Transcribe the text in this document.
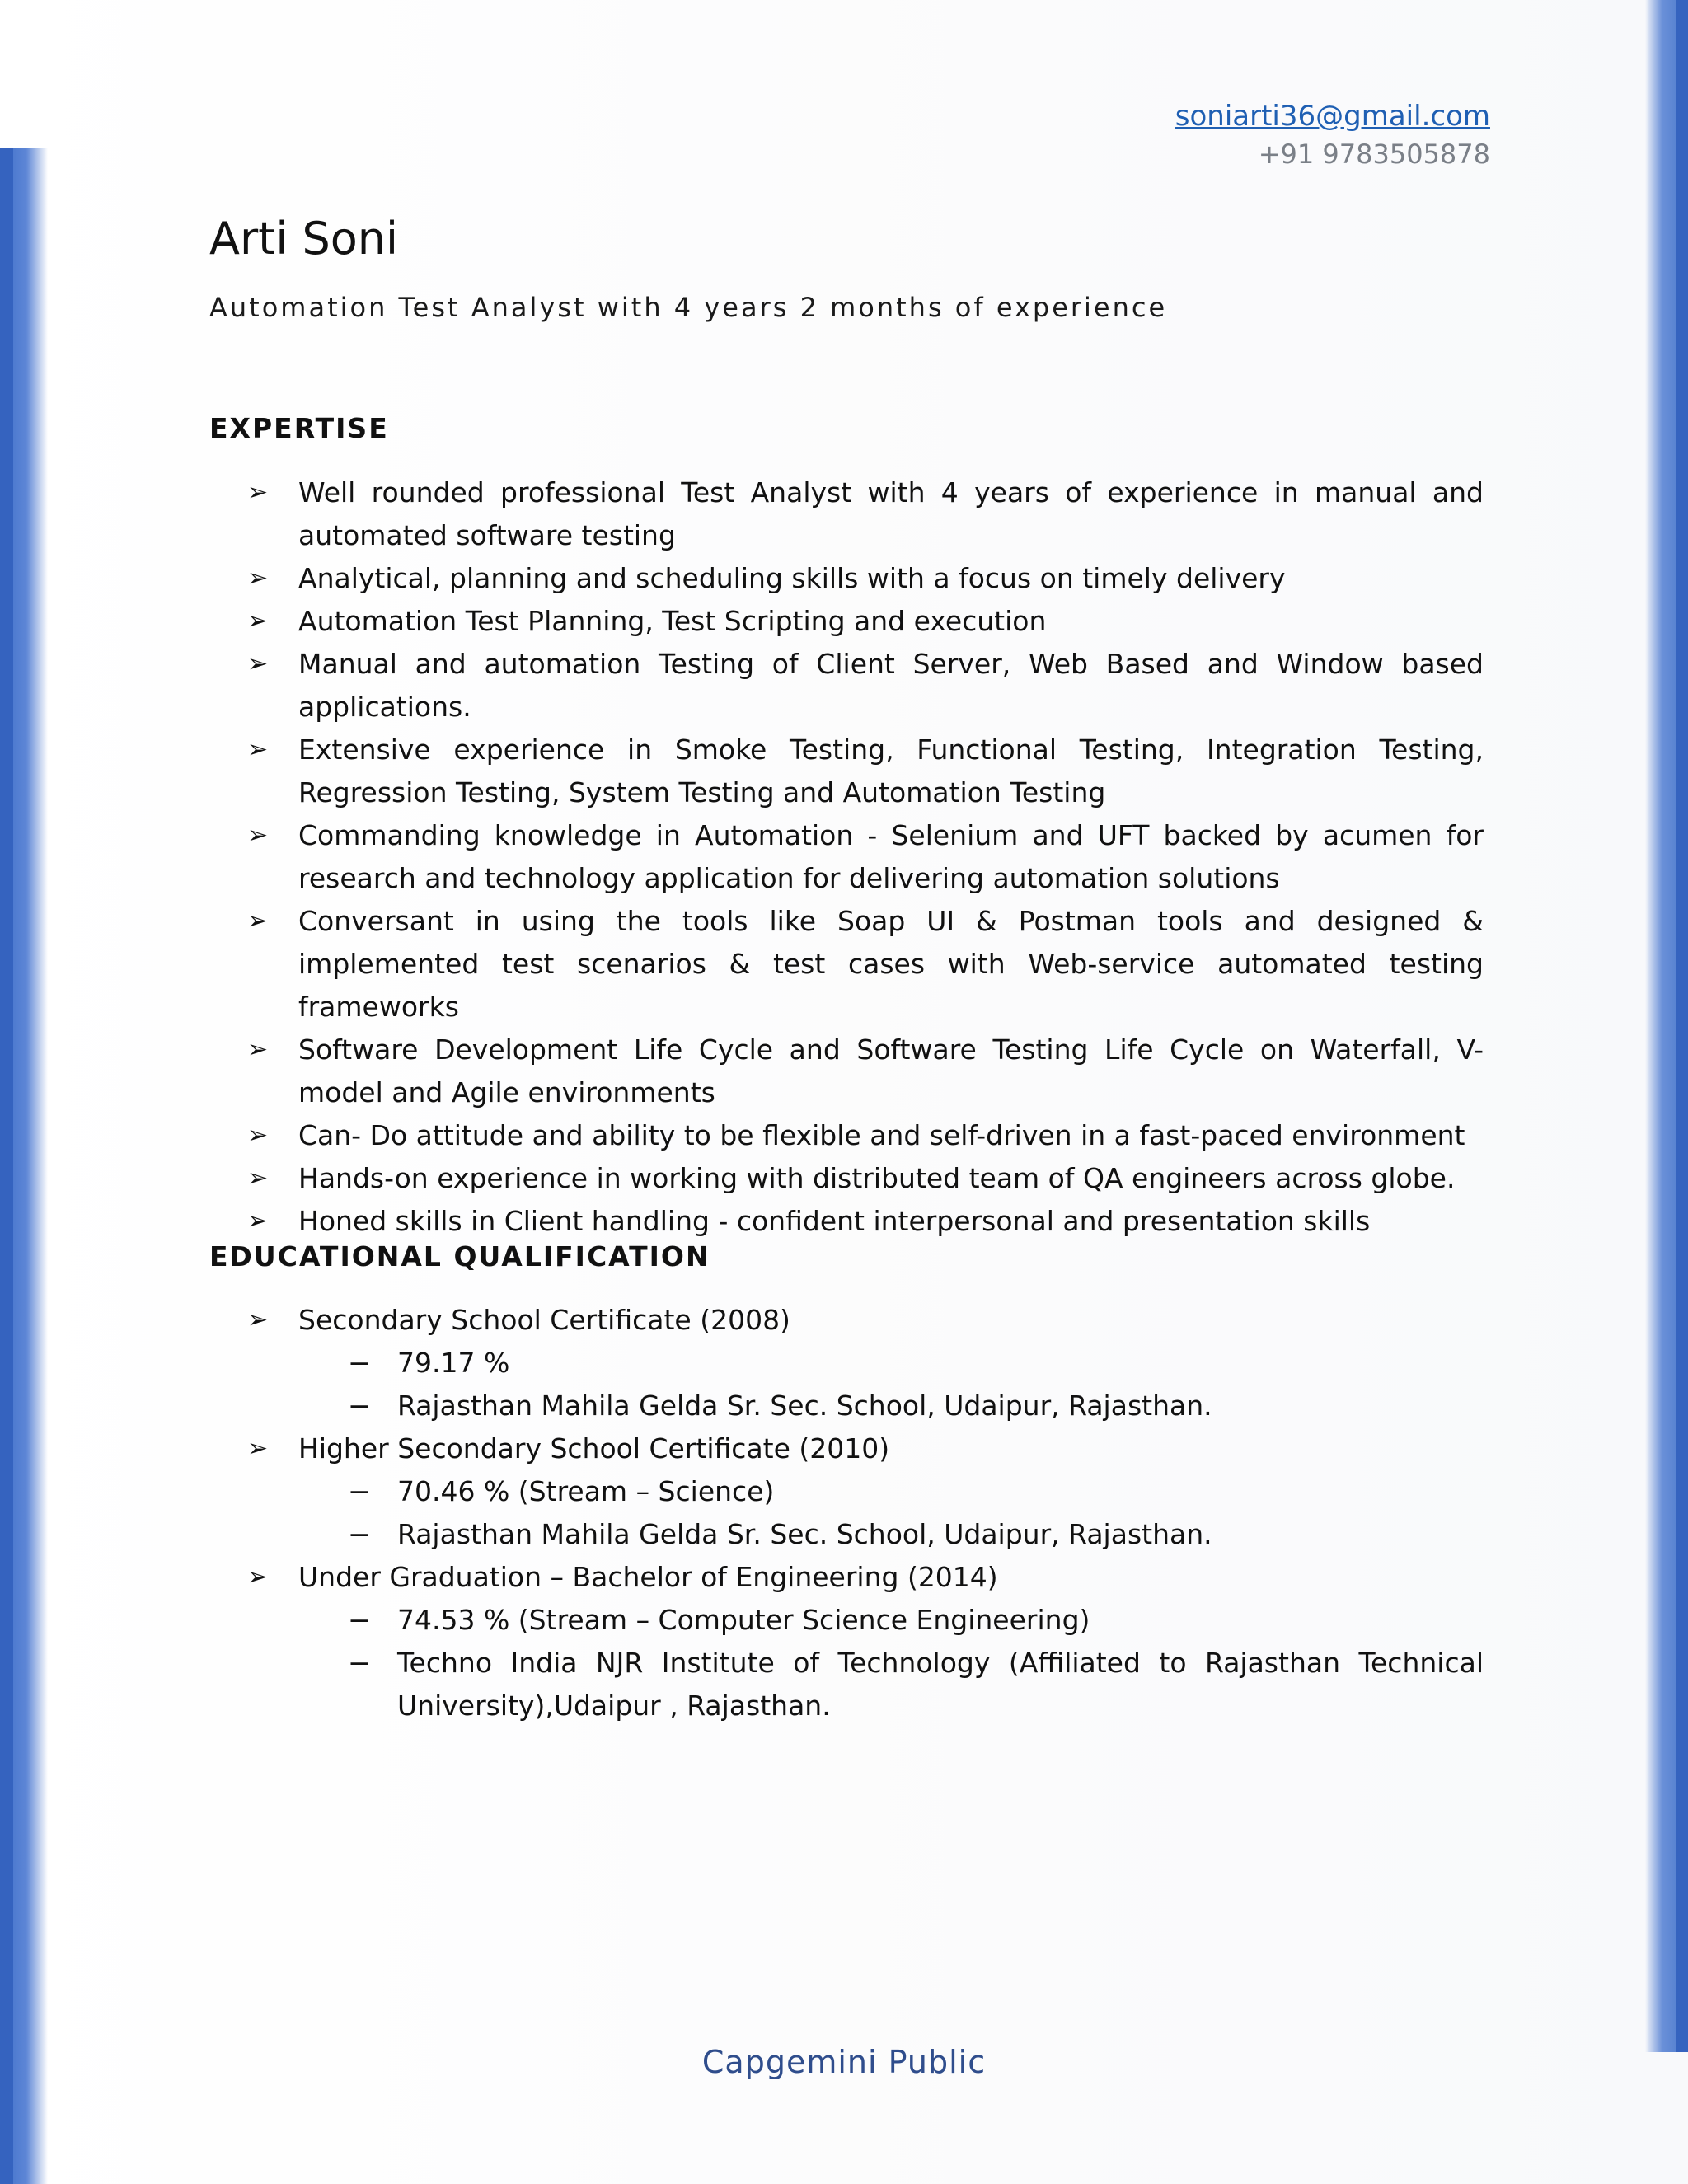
soniarti36@gmail.com
+91 9783505878
Arti Soni
Automation Test Analyst with 4 years 2 months of experience
EXPERTISE
➢	Well rounded professional Test Analyst with 4 years of experience in manual and automated software testing
➢	Analytical, planning and scheduling skills with a focus on timely delivery
➢	Automation Test Planning, Test Scripting and execution
➢	Manual and automation Testing of Client Server, Web Based and Window based applications.
➢	Extensive experience in Smoke Testing, Functional Testing, Integration Testing, Regression Testing, System Testing and Automation Testing
➢	Commanding knowledge in Automation - Selenium and UFT backed by acumen for research and technology application for delivering automation solutions
➢	Conversant in using the tools like Soap UI & Postman tools and designed & implemented test scenarios & test cases with Web-service automated testing frameworks
➢	Software Development Life Cycle and Software Testing Life Cycle on Waterfall, V- model and Agile environments
➢	Can- Do attitude and ability to be flexible and self-driven in a fast-paced environment
➢	Hands-on experience in working with distributed team of QA engineers across globe.
➢	Honed skills in Client handling - confident interpersonal and presentation skills
EDUCATIONAL QUALIFICATION
➢	Secondary School Certificate (2008)
− 79.17 %
− Rajasthan Mahila Gelda Sr. Sec. School, Udaipur, Rajasthan.
➢	Higher Secondary School Certificate (2010)
− 70.46 % (Stream – Science)
− Rajasthan Mahila Gelda Sr. Sec. School, Udaipur, Rajasthan.
➢	Under Graduation – Bachelor of Engineering (2014)
− 74.53 % (Stream – Computer Science Engineering)
− Techno India NJR Institute of Technology (Affiliated to Rajasthan Technical University),Udaipur , Rajasthan.
Capgemini Public
